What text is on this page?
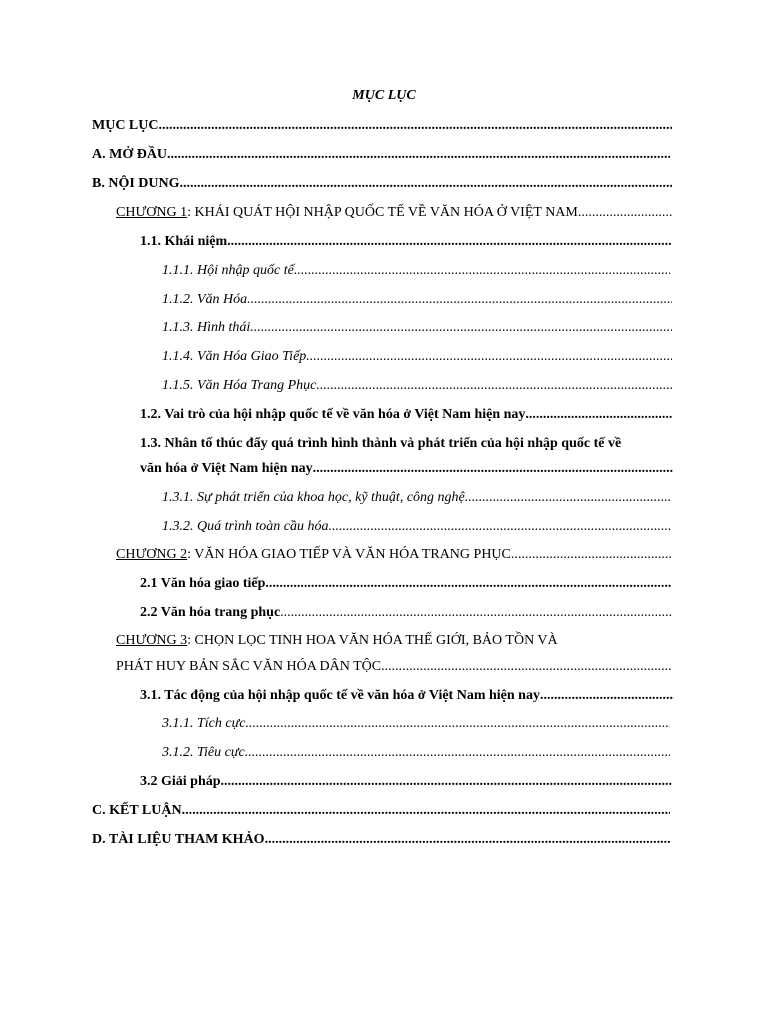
MỤC LỤC
MỤC LỤC
.....
A. MỞ ĐẦU
.....
B. NỘI DUNG
.....
CHƯƠNG 1 : KHÁI QUÁT HỘI NHẬP QUỐC TẾ VỀ VĂN HÓA Ở VIỆT NAM
.....
1.1. Khái niệm
.....
1.1.1. Hội nhập quốc tế
.....
1.1.2. Văn Hóa
.....
1.1.3. Hình thái
.....
1.1.4. Văn Hóa Giao Tiếp
.....
1.1.5. Văn Hóa Trang Phục
.....
1.2. Vai trò của hội nhập quốc tế về văn hóa ở Việt Nam hiện nay
.....
1.3. Nhân tố thúc đẩy quá trình hình thành và phát triển của hội nhập quốc tế về
văn hóa ở Việt Nam hiện nay
.....
1.3.1. Sự phát triển của khoa học, kỹ thuật, công nghệ
.....
1.3.2. Quá trình toàn cầu hóa
.....
CHƯƠNG 2 : VĂN HÓA GIAO TIẾP VÀ VĂN HÓA TRANG PHỤC
.....
2.1 Văn hóa giao tiếp
.....
2.2 Văn hóa trang phục
.....
CHƯƠNG 3: CHỌN LỌC TINH HOA VĂN HÓA THẾ GIỚI, BẢO TỒN VÀ
PHÁT HUY BẢN SẮC VĂN HÓA DÂN TỘC
.....
3.1. Tác động của hội nhập quốc tế về văn hóa ở Việt Nam hiện nay
.....
3.1.1. Tích cực
.....
3.1.2. Tiêu cực
.....
3.2 Giải pháp
.....
C. KẾT LUẬN
.....
D. TÀI LIỆU THAM KHẢO
.....
